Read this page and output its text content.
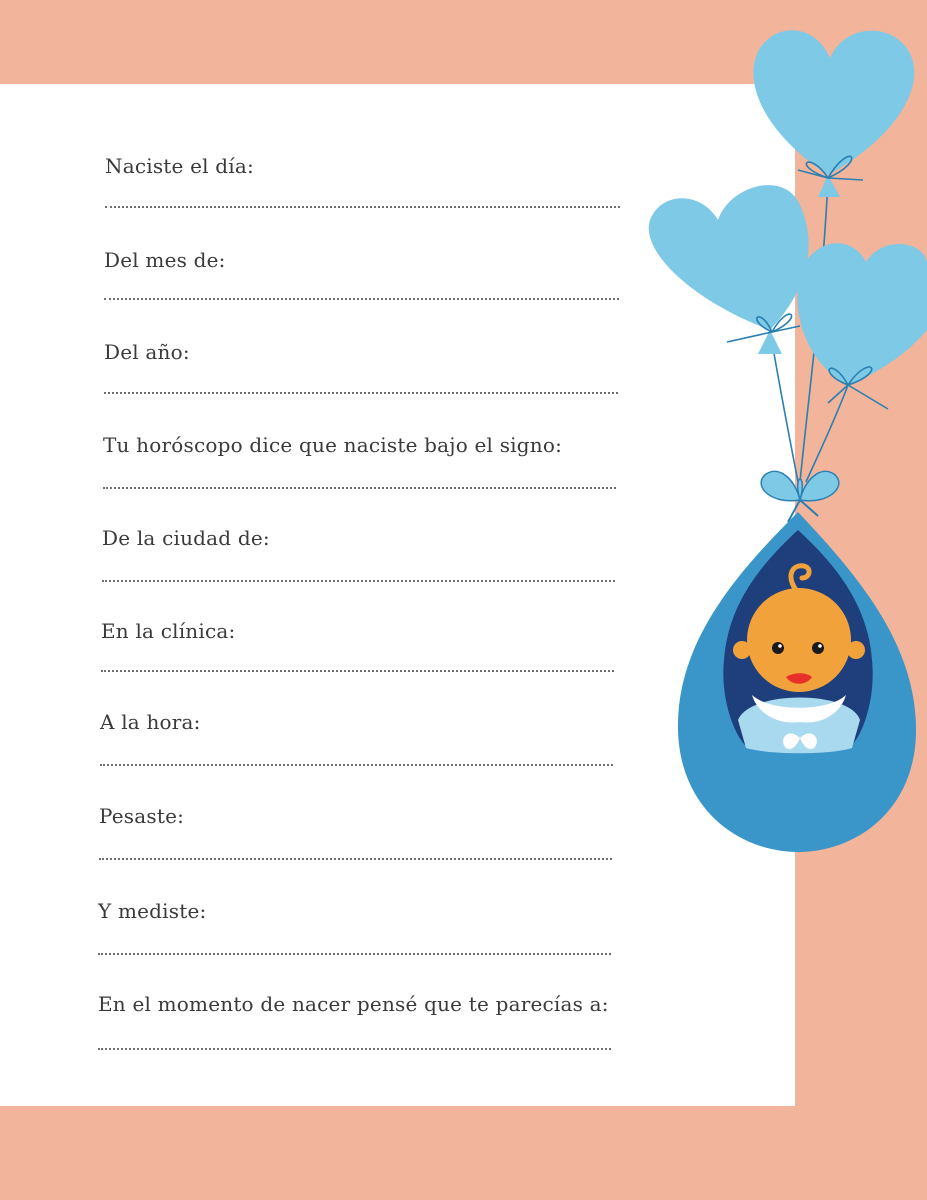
Naciste el día:
Del mes de:
Del año:
Tu horóscopo dice que naciste bajo el signo:
De la ciudad de:
En la clínica:
A la hora:
Pesaste:
Y mediste:
En el momento de nacer pensé que te parecías a:
